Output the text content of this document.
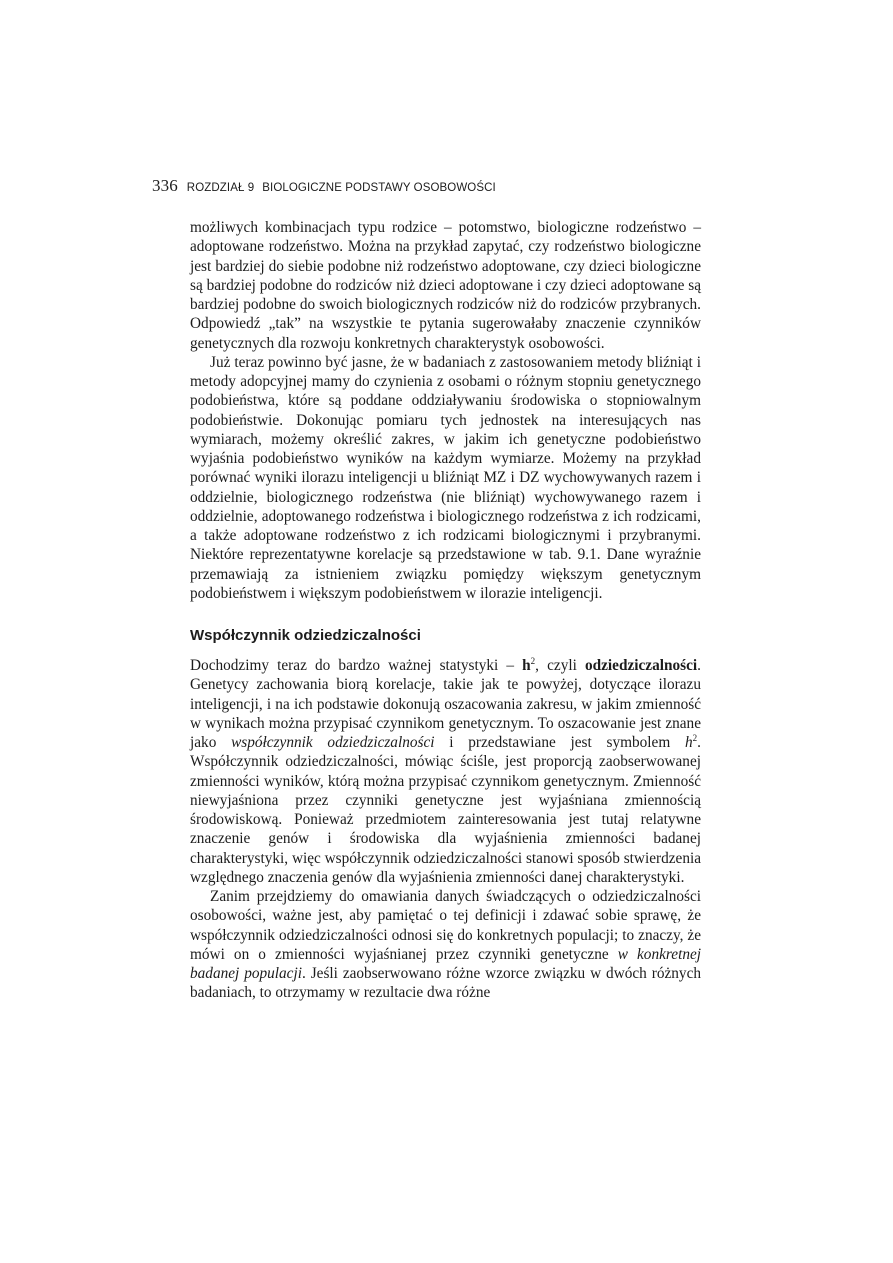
336 ROZDZIAŁ 9 BIOLOGICZNE PODSTAWY OSOBOWOŚCI

możliwych kombinacjach typu rodzice – potomstwo, biologiczne rodzeństwo – adoptowane rodzeństwo. Można na przykład zapytać, czy rodzeństwo biologiczne jest bardziej do siebie podobne niż rodzeństwo adoptowane, czy dzieci biologiczne są bardziej podobne do rodziców niż dzieci adoptowane i czy dzieci adoptowane są bardziej podobne do swoich biologicznych rodziców niż do rodziców przybranych. Odpowiedź „tak” na wszystkie te pytania sugerowałaby znaczenie czynników genetycznych dla rozwoju konkretnych charakterystyk osobowości.

Już teraz powinno być jasne, że w badaniach z zastosowaniem metody bliźniąt i metody adopcyjnej mamy do czynienia z osobami o różnym stopniu genetycznego podobieństwa, które są poddane oddziaływaniu środowiska o stopniowalnym podobieństwie. Dokonując pomiaru tych jednostek na interesujących nas wymiarach, możemy określić zakres, w jakim ich genetyczne podobieństwo wyjaśnia podobieństwo wyników na każdym wymiarze. Możemy na przykład porównać wyniki ilorazu inteligencji u bliźniąt MZ i DZ wychowywanych razem i oddzielnie, biologicznego rodzeństwa (nie bliźniąt) wychowywanego razem i oddzielnie, adoptowanego rodzeństwa i biologicznego rodzeństwa z ich rodzicami, a także adoptowane rodzeństwo z ich rodzicami biologicznymi i przybranymi. Niektóre reprezentatywne korelacje są przedstawione w tab. 9.1. Dane wyraźnie przemawiają za istnieniem związku pomiędzy większym genetycznym podobieństwem i większym podobieństwem w ilorazie inteligencji.

Współczynnik odziedziczalności

Dochodzimy teraz do bardzo ważnej statystyki – $h^2$, czyli odziedziczalności. Genetycy zachowania biorą korelacje, takie jak te powyżej, dotyczące ilorazu inteligencji, i na ich podstawie dokonują oszacowania zakresu, w jakim zmienność w wynikach można przypisać czynnikom genetycznym. To oszacowanie jest znane jako współczynnik odziedziczalności i przedstawiane jest symbolem $h^2$. Współczynnik odziedziczalności, mówiąc ściśle, jest proporcją zaobserwowanej zmienności wyników, którą można przypisać czynnikom genetycznym. Zmienność niewyjaśniona przez czynniki genetyczne jest wyjaśniana zmiennością środowiskową. Ponieważ przedmiotem zainteresowania jest tutaj relatywne znaczenie genów i środowiska dla wyjaśnienia zmienności badanej charakterystyki, więc współczynnik odziedziczalności stanowi sposób stwierdzenia względnego znaczenia genów dla wyjaśnienia zmienności danej charakterystyki.

Zanim przejdziemy do omawiania danych świadczących o odziedziczalności osobowości, ważne jest, aby pamiętać o tej definicji i zdawać sobie sprawę, że współczynnik odziedziczalności odnosi się do konkretnych populacji; to znaczy, że mówi on o zmienności wyjaśnianej przez czynniki genetyczne w konkretnej badanej populacji. Jeśli zaobserwowano różne wzorce związku w dwóch różnych badaniach, to otrzymamy w rezultacie dwa różne
